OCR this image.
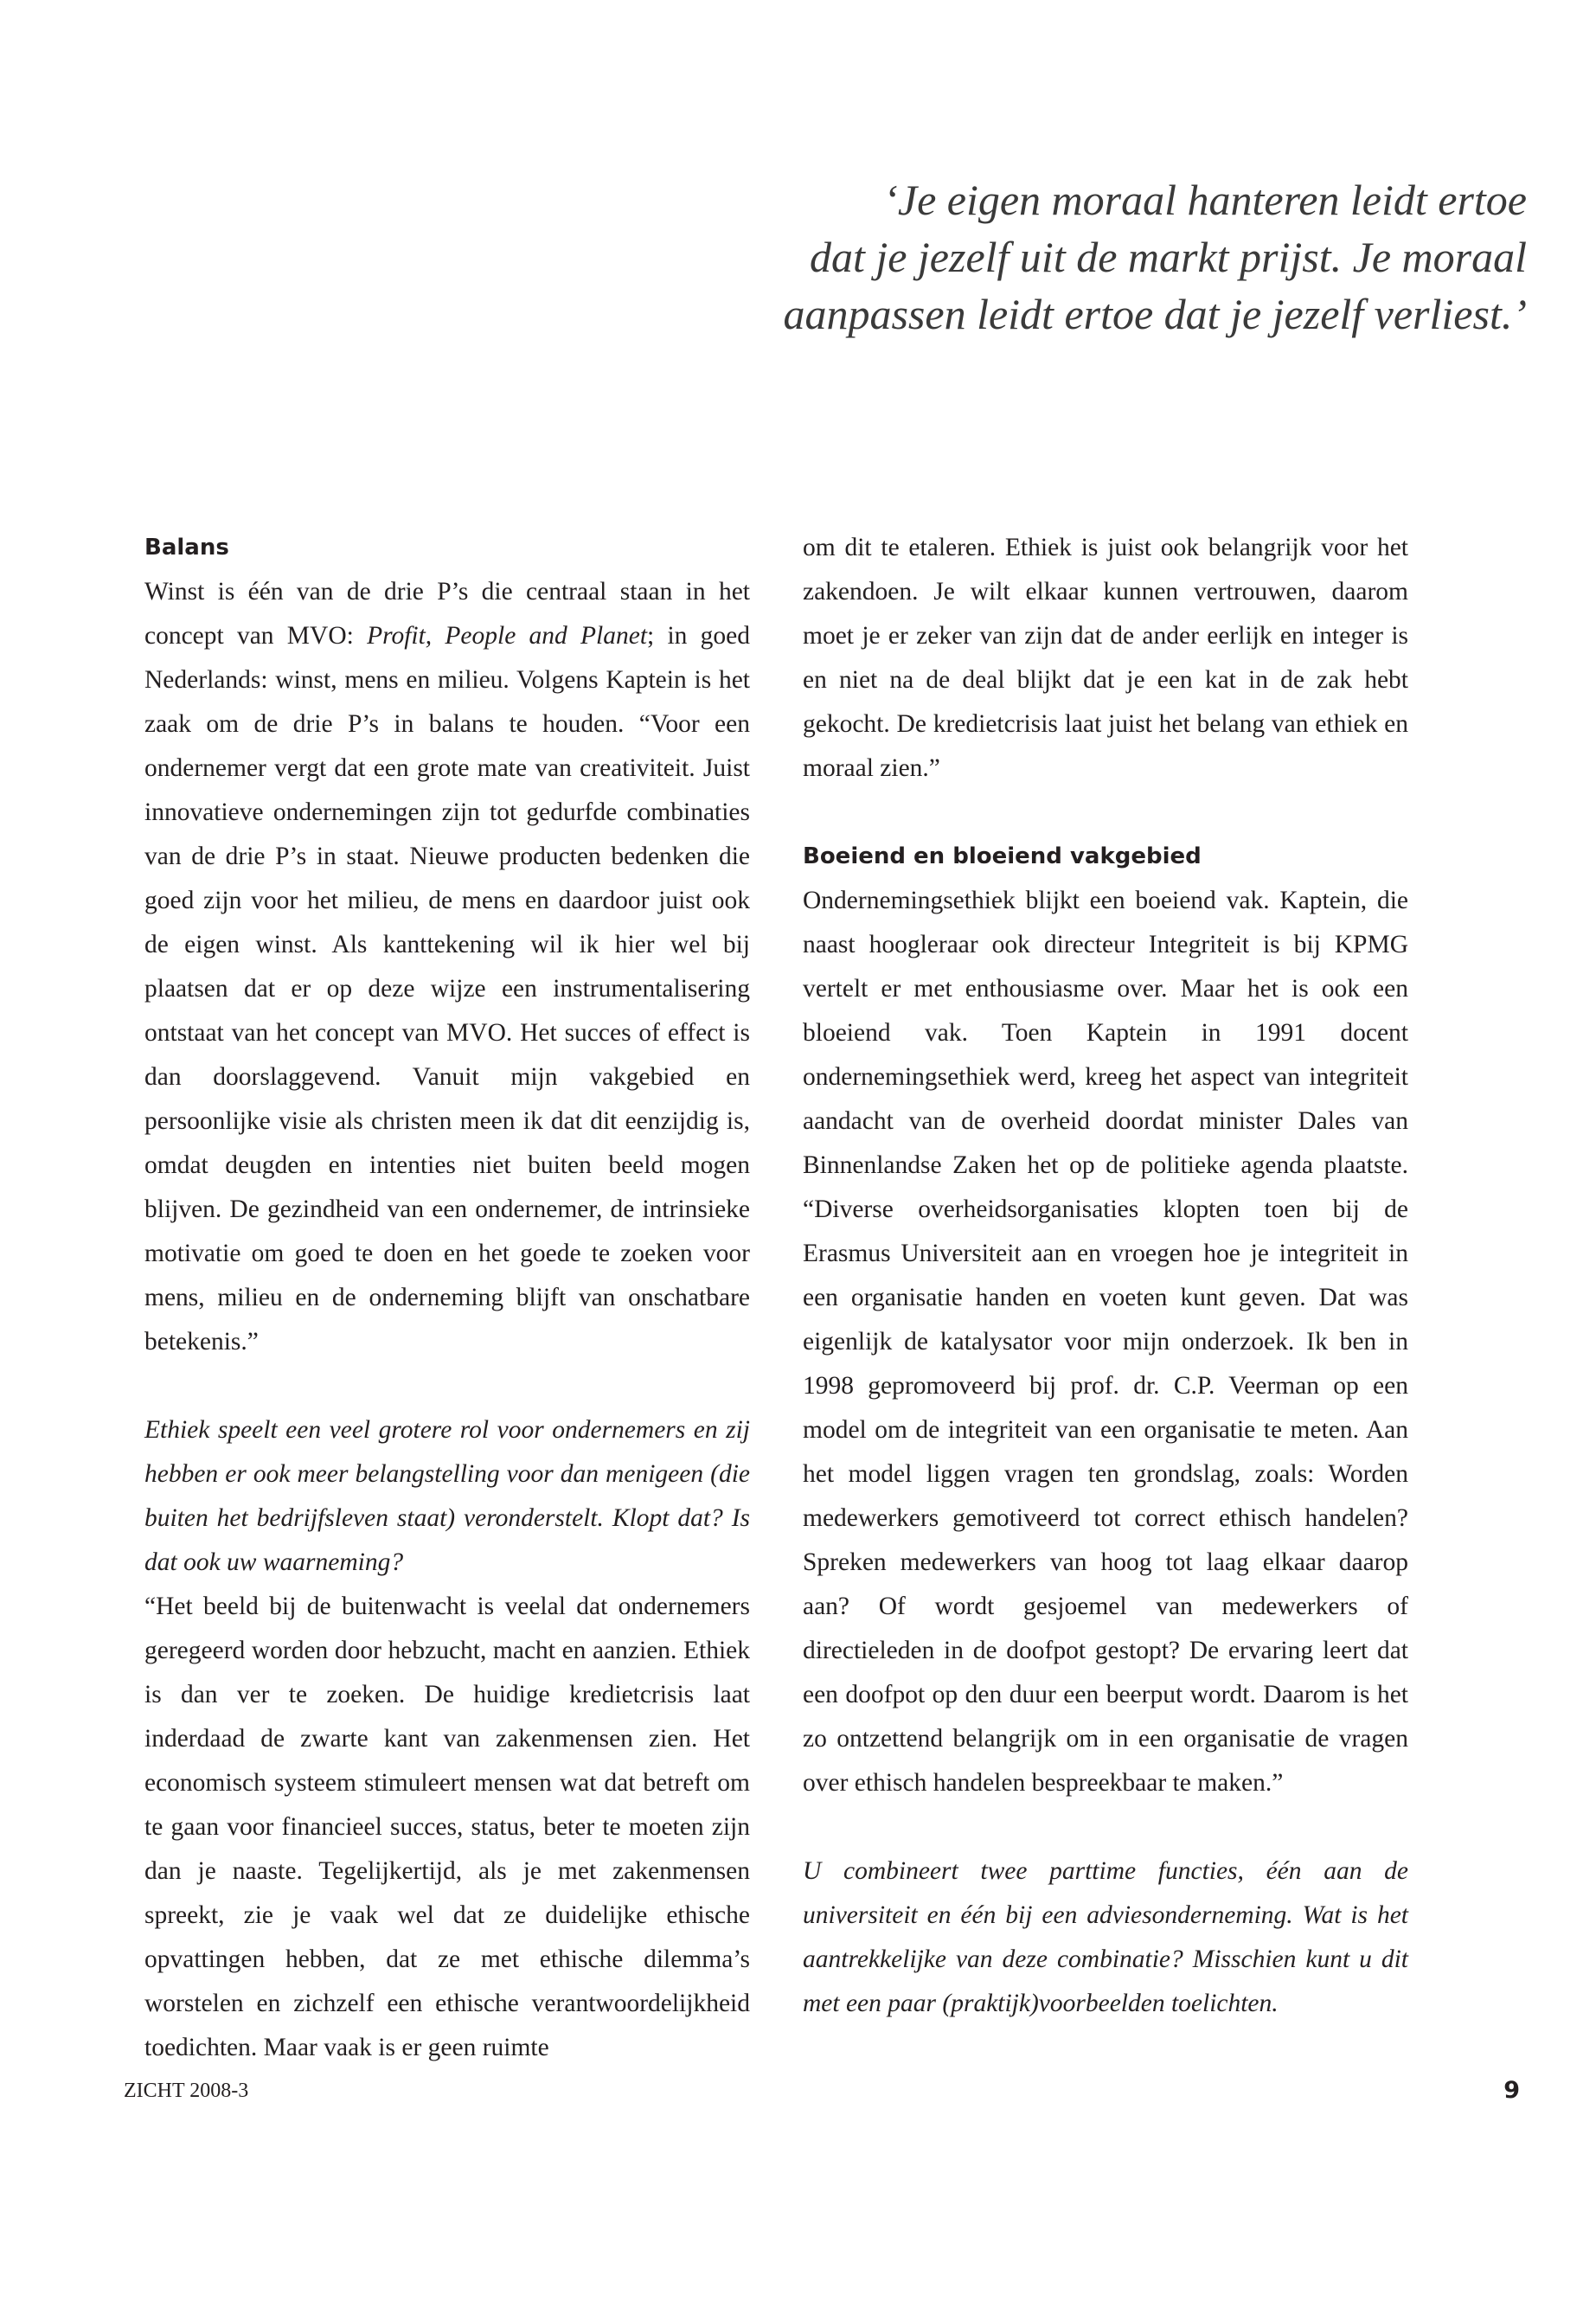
‘Je eigen moraal hanteren leidt ertoe
dat je jezelf uit de markt prijst. Je moraal
aanpassen leidt ertoe dat je jezelf verliest.’
Balans

Winst is één van de drie P’s die centraal staan in het concept van MVO: Profit, People and Planet; in goed Nederlands: winst, mens en milieu. Volgens Kaptein is het zaak om de drie P’s in balans te houden. “Voor een ondernemer vergt dat een grote mate van creativiteit. Juist innovatieve ondernemingen zijn tot gedurfde combinaties van de drie P’s in staat. Nieuwe producten bedenken die goed zijn voor het milieu, de mens en daardoor juist ook de eigen winst. Als kanttekening wil ik hier wel bij plaatsen dat er op deze wijze een instrumentalisering ontstaat van het concept van MVO. Het succes of effect is dan doorslaggevend. Vanuit mijn vakgebied en persoonlijke visie als christen meen ik dat dit eenzijdig is, omdat deugden en intenties niet buiten beeld mogen blijven. De gezindheid van een ondernemer, de intrinsieke motivatie om goed te doen en het goede te zoeken voor mens, milieu en de onderneming blijft van onschatbare betekenis.”

Ethiek speelt een veel grotere rol voor ondernemers en zij hebben er ook meer belangstelling voor dan menigeen (die buiten het bedrijfsleven staat) veronderstelt. Klopt dat? Is dat ook uw waarneming?

“Het beeld bij de buitenwacht is veelal dat ondernemers geregeerd worden door hebzucht, macht en aanzien. Ethiek is dan ver te zoeken. De huidige kredietcrisis laat inderdaad de zwarte kant van zakenmensen zien. Het economisch systeem stimuleert mensen wat dat betreft om te gaan voor financieel succes, status, beter te moeten zijn dan je naaste. Tegelijkertijd, als je met zakenmensen spreekt, zie je vaak wel dat ze duidelijke ethische opvattingen hebben, dat ze met ethische dilemma’s worstelen en zichzelf een ethische verantwoordelijkheid toedichten. Maar vaak is er geen ruimte

om dit te etaleren. Ethiek is juist ook belangrijk voor het zakendoen. Je wilt elkaar kunnen vertrouwen, daarom moet je er zeker van zijn dat de ander eerlijk en integer is en niet na de deal blijkt dat je een kat in de zak hebt gekocht. De kredietcrisis laat juist het belang van ethiek en moraal zien.”

Boeiend en bloeiend vakgebied

Ondernemingsethiek blijkt een boeiend vak. Kaptein, die naast hoogleraar ook directeur Integriteit is bij KPMG vertelt er met enthousiasme over. Maar het is ook een bloeiend vak. Toen Kaptein in 1991 docent ondernemingsethiek werd, kreeg het aspect van integriteit aandacht van de overheid doordat minister Dales van Binnenlandse Zaken het op de politieke agenda plaatste. “Diverse overheidsorganisaties klopten toen bij de Erasmus Universiteit aan en vroegen hoe je integriteit in een organisatie handen en voeten kunt geven. Dat was eigenlijk de katalysator voor mijn onderzoek. Ik ben in 1998 gepromoveerd bij prof. dr. C.P. Veerman op een model om de integriteit van een organisatie te meten. Aan het model liggen vragen ten grondslag, zoals: Worden medewerkers gemotiveerd tot correct ethisch handelen? Spreken medewerkers van hoog tot laag elkaar daarop aan? Of wordt gesjoemel van medewerkers of directieleden in de doofpot gestopt? De ervaring leert dat een doofpot op den duur een beerput wordt. Daarom is het zo ontzettend belangrijk om in een organisatie de vragen over ethisch handelen bespreekbaar te maken.”

U combineert twee parttime functies, één aan de universiteit en één bij een adviesonderneming. Wat is het aantrekkelijke van deze combinatie? Misschien kunt u dit met een paar (praktijk)voorbeelden toelichten.

ZICHT 2008-3	9
